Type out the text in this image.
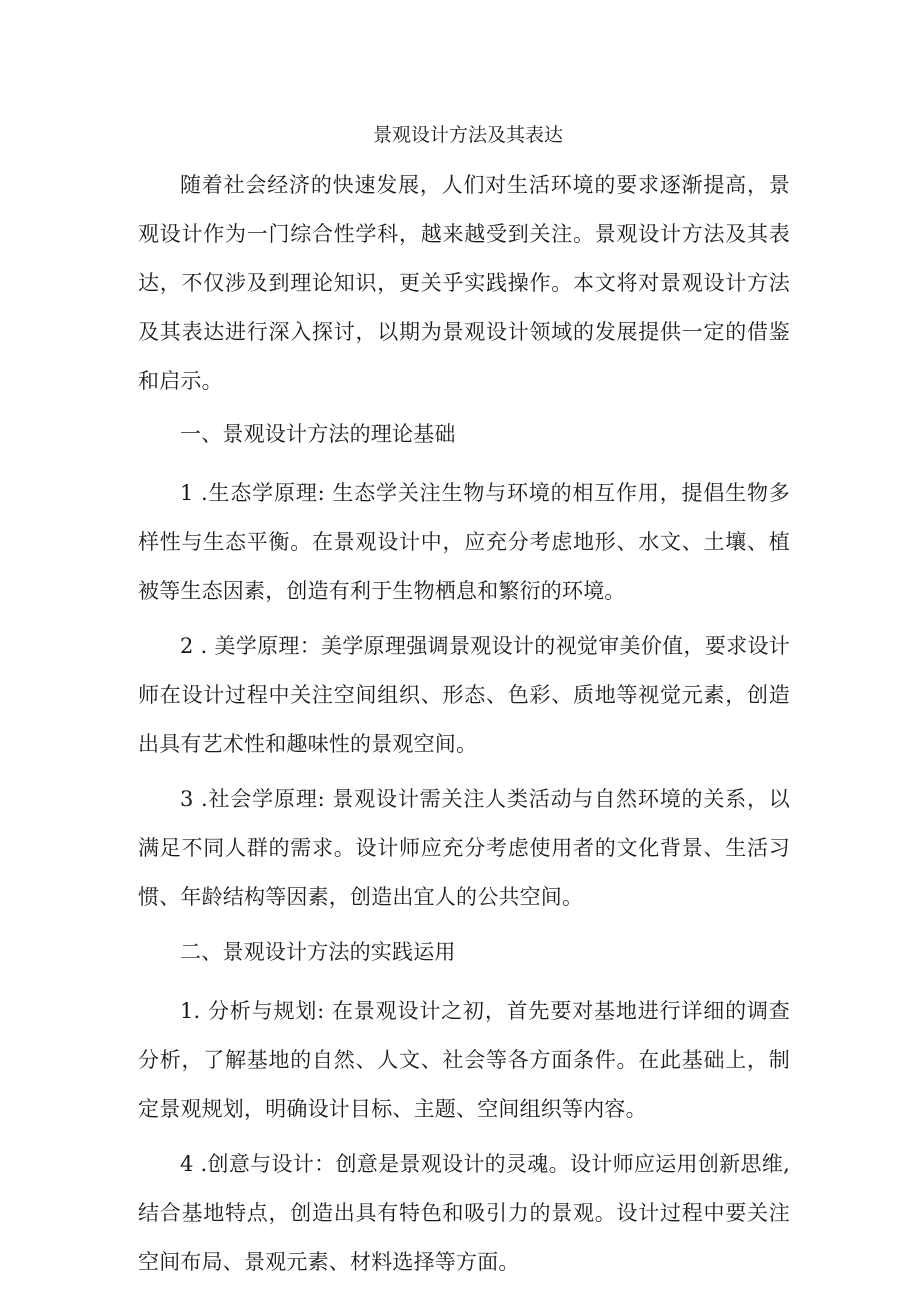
景观设计方法及其表达

随着社会经济的快速发展，人们对生活环境的要求逐渐提高，景观设计作为一门综合性学科，越来越受到关注。景观设计方法及其表达，不仅涉及到理论知识，更关乎实践操作。本文将对景观设计方法及其表达进行深入探讨，以期为景观设计领域的发展提供一定的借鉴和启示。

一、景观设计方法的理论基础

1 .生态学原理: 生态学关注生物与环境的相互作用，提倡生物多样性与生态平衡。在景观设计中，应充分考虑地形、水文、土壤、植被等生态因素，创造有利于生物栖息和繁衍的环境。

2 . 美学原理：美学原理强调景观设计的视觉审美价值，要求设计师在设计过程中关注空间组织、形态、色彩、质地等视觉元素，创造出具有艺术性和趣味性的景观空间。

3 .社会学原理: 景观设计需关注人类活动与自然环境的关系，以满足不同人群的需求。设计师应充分考虑使用者的文化背景、生活习惯、年龄结构等因素，创造出宜人的公共空间。

二、景观设计方法的实践运用

1. 分析与规划: 在景观设计之初，首先要对基地进行详细的调查分析，了解基地的自然、人文、社会等各方面条件。在此基础上，制定景观规划，明确设计目标、主题、空间组织等内容。

4 .创意与设计：创意是景观设计的灵魂。设计师应运用创新思维, 结合基地特点，创造出具有特色和吸引力的景观。设计过程中要关注空间布局、景观元素、材料选择等方面。
